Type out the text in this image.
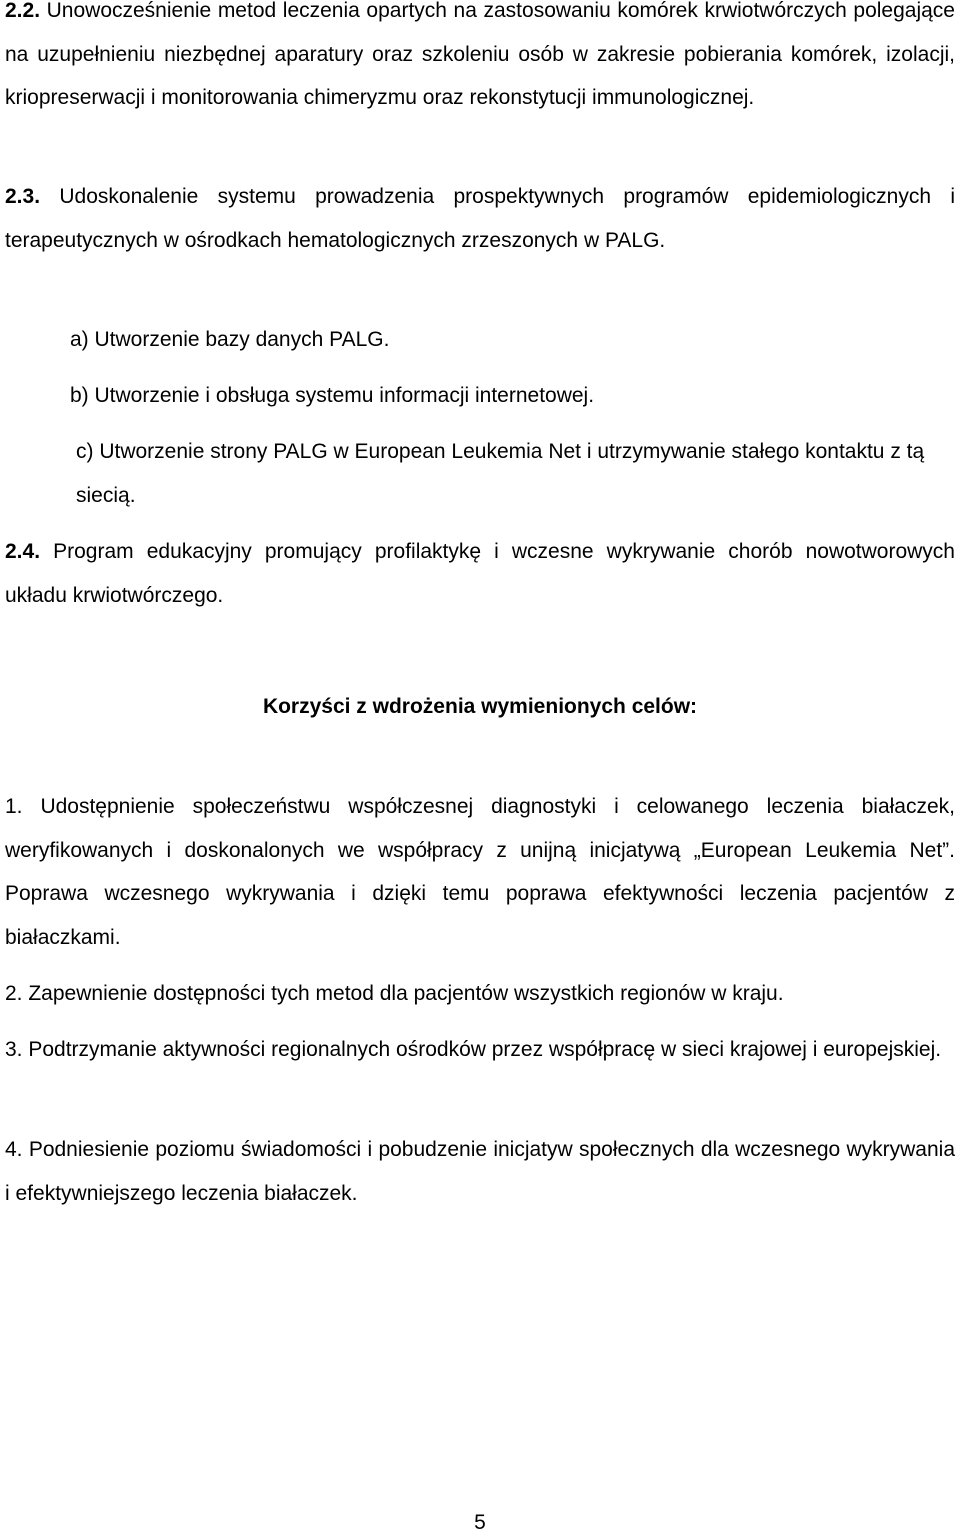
2.2. Unowocześnienie metod leczenia opartych na zastosowaniu komórek krwiotwórczych polegające na uzupełnieniu niezbędnej aparatury oraz szkoleniu osób w zakresie pobierania komórek, izolacji, kriopreserwacji i monitorowania chimeryzmu oraz rekonstytucji immunologicznej.

2.3. Udoskonalenie systemu prowadzenia prospektywnych programów epidemiologicznych i terapeutycznych w ośrodkach hematologicznych zrzeszonych w PALG.

a) Utworzenie bazy danych PALG.

b) Utworzenie i obsługa systemu informacji internetowej.

c) Utworzenie strony PALG w European Leukemia Net i utrzymywanie stałego kontaktu z tą siecią.

2.4. Program edukacyjny promujący profilaktykę i wczesne wykrywanie chorób nowotworowych układu krwiotwórczego.

Korzyści z wdrożenia wymienionych celów:

1. Udostępnienie społeczeństwu współczesnej diagnostyki i celowanego leczenia białaczek, weryfikowanych i doskonalonych we współpracy z unijną inicjatywą „European Leukemia Net”. Poprawa wczesnego wykrywania i dzięki temu poprawa efektywności leczenia pacjentów z białaczkami.

2. Zapewnienie dostępności tych metod dla pacjentów wszystkich regionów w kraju.

3. Podtrzymanie aktywności regionalnych ośrodków przez współpracę w sieci krajowej i europejskiej.

4. Podniesienie poziomu świadomości i pobudzenie inicjatyw społecznych dla wczesnego wykrywania i efektywniejszego leczenia białaczek.

5
